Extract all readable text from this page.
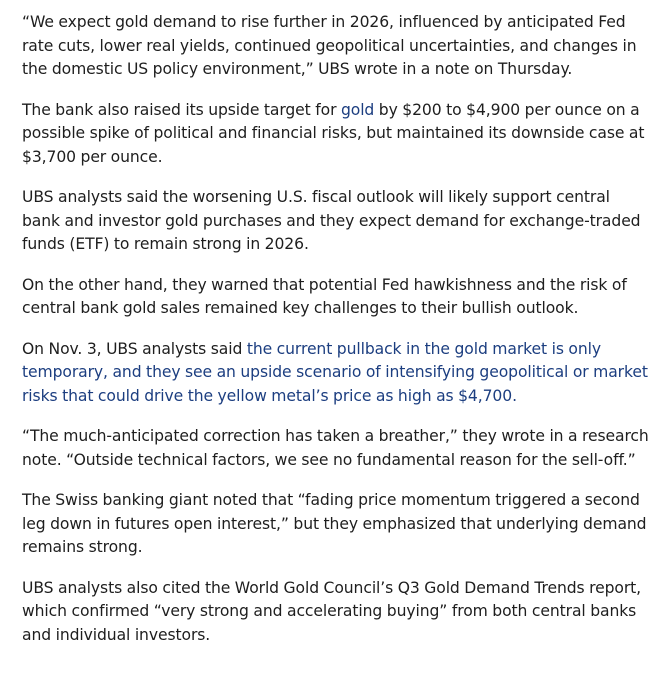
“We expect gold demand to rise further in 2026, influenced by anticipated Fed rate cuts, lower real yields, continued geopolitical uncertainties, and changes in the domestic US policy environment,” UBS wrote in a note on Thursday.

The bank also raised its upside target for gold by $200 to $4,900 per ounce on a possible spike of political and financial risks, but maintained its downside case at $3,700 per ounce.

UBS analysts said the worsening U.S. fiscal outlook will likely support central bank and investor gold purchases and they expect demand for exchange-traded funds (ETF) to remain strong in 2026.

On the other hand, they warned that potential Fed hawkishness and the risk of central bank gold sales remained key challenges to their bullish outlook.

On Nov. 3, UBS analysts said the current pullback in the gold market is only temporary, and they see an upside scenario of intensifying geopolitical or market risks that could drive the yellow metal’s price as high as $4,700.

“The much-anticipated correction has taken a breather,” they wrote in a research note. “Outside technical factors, we see no fundamental reason for the sell-off.”

The Swiss banking giant noted that “fading price momentum triggered a second leg down in futures open interest,” but they emphasized that underlying demand remains strong.

UBS analysts also cited the World Gold Council’s Q3 Gold Demand Trends report, which confirmed “very strong and accelerating buying” from both central banks and individual investors.
